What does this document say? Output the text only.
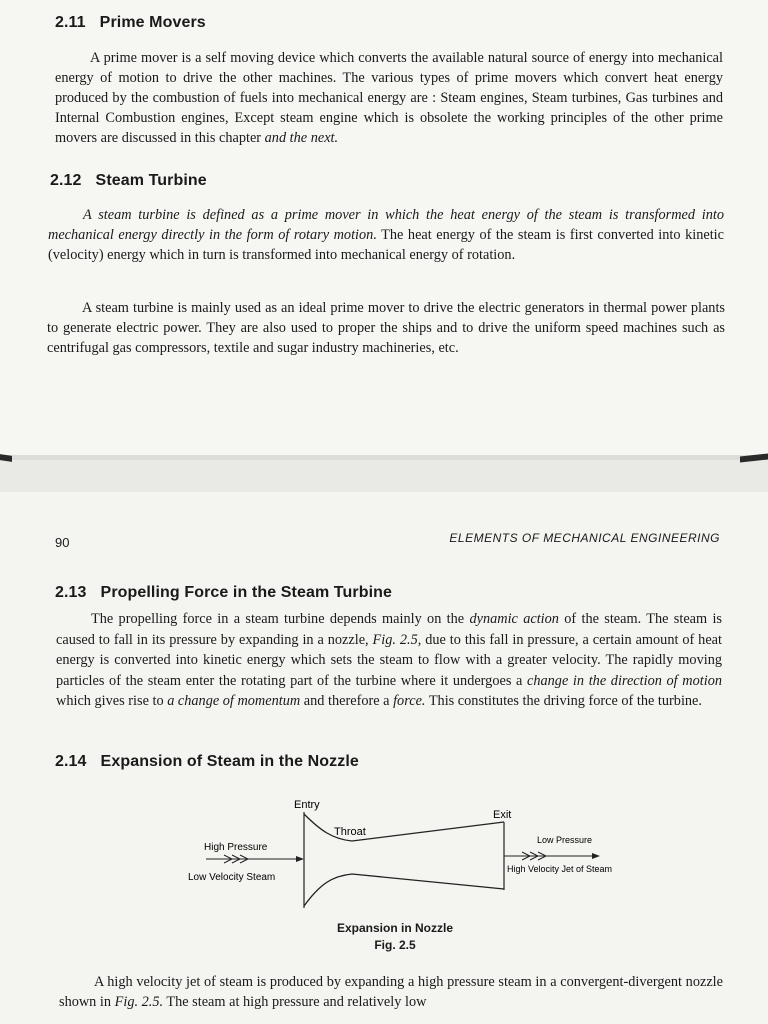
2.11 Prime Movers

A prime mover is a self moving device which converts the available natural source of energy into mechanical energy of motion to drive the other machines. The various types of prime movers which convert heat energy produced by the combustion of fuels into mechanical energy are : Steam engines, Steam turbines, Gas turbines and Internal Combustion engines, Except steam engine which is obsolete the working principles of the other prime movers are discussed in this chapter and the next.

2.12 Steam Turbine

A steam turbine is defined as a prime mover in which the heat energy of the steam is transformed into mechanical energy directly in the form of rotary motion. The heat energy of the steam is first converted into kinetic (velocity) energy which in turn is transformed into mechanical energy of rotation.

A steam turbine is mainly used as an ideal prime mover to drive the electric generators in thermal power plants to generate electric power. They are also used to proper the ships and to drive the uniform speed machines such as centrifugal gas compressors, textile and sugar industry machineries, etc.

90	ELEMENTS OF MECHANICAL ENGINEERING
2.13 Propelling Force in the Steam Turbine

The propelling force in a steam turbine depends mainly on the dynamic action of the steam. The steam is caused to fall in its pressure by expanding in a nozzle, Fig. 2.5, due to this fall in pressure, a certain amount of heat energy is converted into kinetic energy which sets the steam to flow with a greater velocity. The rapidly moving particles of the steam enter the rotating part of the turbine where it undergoes a change in the direction of motion which gives rise to a change of momentum and therefore a force. This constitutes the driving force of the turbine.

2.14 Expansion of Steam in the Nozzle
Entry
Throat
Exit
High Pressure
Low Velocity Steam
Low Pressure
High Velocity Jet of Steam
Expansion in Nozzle
Fig. 2.5

A high velocity jet of steam is produced by expanding a high pressure steam in a convergent-divergent nozzle shown in Fig. 2.5. The steam at high pressure and relatively low
